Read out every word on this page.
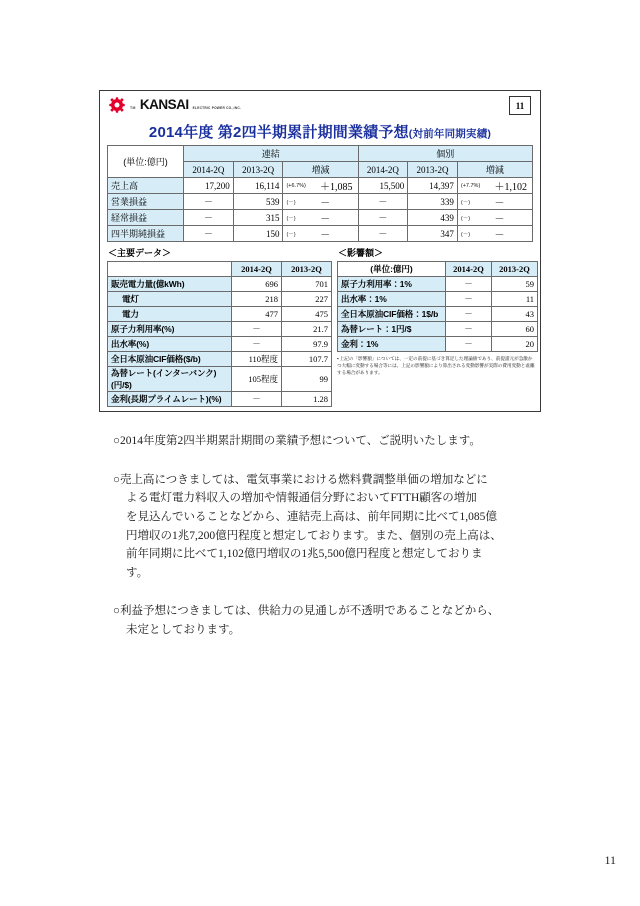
TM KANSAI ELECTRIC POWER CO.,INC.	11
2014年度 第2四半期累計期間業績予想(対前年同期実績)
(単位:億円)	連結			個別		
	2014-2Q	2013-2Q	増減	2014-2Q	2013-2Q	増減
売上高	17,200	16,114	(+6.7%) ＋1,085	15,500	14,397	(+7.7%) ＋1,102

営業損益	－	539	(－) －	－	339	(－) －

経常損益	－	315	(－) －	－	439	(－) －

四半期純損益	－	150	(－) －	－	347	(－) －
＜主要データ＞
	2014-2Q	2013-2Q
販売電力量(億kWh)	696	701
電灯	218	227
電力	477	475
原子力利用率(%)	－	21.7
出水率(%)	－	97.9
全日本原油CIF価格($/b)	110程度	107.7
為替レート(インターバンク)(円/$)	105程度	99
金利(長期プライムレート)(%)	－	1.28
＜影響額＞
(単位:億円)	2014-2Q	2013-2Q
原子力利用率：1%	－	59
出水率：1%	－	11
全日本原油CIF価格：1$/b	－	43
為替レート：1円/$	－	60
金利：1%	－	20
▪上記の「影響額」については、一定の前提に基づき算定した理論値であり、前提諸元が急激かつ大幅に変動する場合等には、上記の影響額により算出される変動影響が実際の費用変動と乖離する場合があります。

○2014年度第2四半期累計期間の業績予想について、ご説明いたします。

○売上高につきましては、電気事業における燃料費調整単価の増加などに
よる電灯電力料収入の増加や情報通信分野においてFTTH顧客の増加
を見込んでいることなどから、連結売上高は、前年同期に比べて1,085億
円増収の1兆7,200億円程度と想定しております。また、個別の売上高は、
前年同期に比べて1,102億円増収の1兆5,500億円程度と想定しておりま
す。

○利益予想につきましては、供給力の見通しが不透明であることなどから、
未定としております。

11
